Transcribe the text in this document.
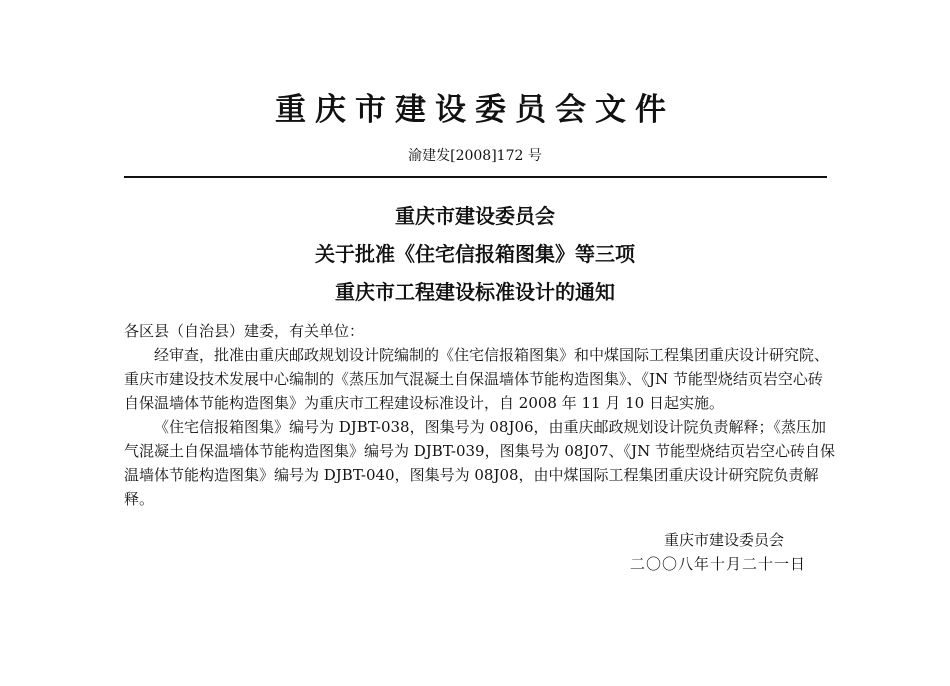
重庆市建设委员会文件
渝建发[2008]172 号
重庆市建设委员会
关于批准《住宅信报箱图集》等三项
重庆市工程建设标准设计的通知

各区县（自治县）建委，有关单位：

经审查，批准由重庆邮政规划设计院编制的《住宅信报箱图集》和中煤国际工程集团重庆设计研究院、重庆市建设技术发展中心编制的《蒸压加气混凝土自保温墙体节能构造图集》、《JN 节能型烧结页岩空心砖自保温墙体节能构造图集》为重庆市工程建设标准设计，自 2008 年 11 月 10 日起实施。

《住宅信报箱图集》编号为 DJBT-038，图集号为 08J06，由重庆邮政规划设计院负责解释；《蒸压加气混凝土自保温墙体节能构造图集》编号为 DJBT-039，图集号为 08J07、《JN 节能型烧结页岩空心砖自保温墙体节能构造图集》编号为 DJBT-040，图集号为 08J08，由中煤国际工程集团重庆设计研究院负责解释。

重庆市建设委员会
二〇〇八年十月二十一日
